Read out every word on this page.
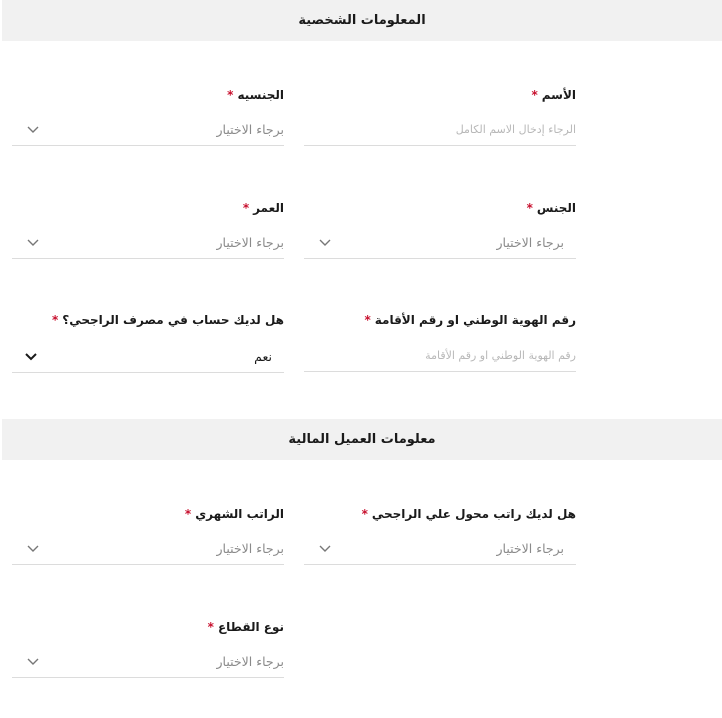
المعلومات الشخصية
الأسم*
الرجاء إدخال الاسم الكامل
الجنسيه*
برجاء الاختيار
الجنس*
برجاء الاختيار
العمر*
برجاء الاختيار
رقم الهوية الوطني او رقم الأقامة*
رقم الهوية الوطني او رقم الأقامة
هل لديك حساب في مصرف الراجحي؟*
نعم
معلومات العميل المالية
هل لديك راتب محول علي الراجحي*
برجاء الاختيار
الراتب الشهري*
برجاء الاختيار
نوع القطاع*
برجاء الاختيار
